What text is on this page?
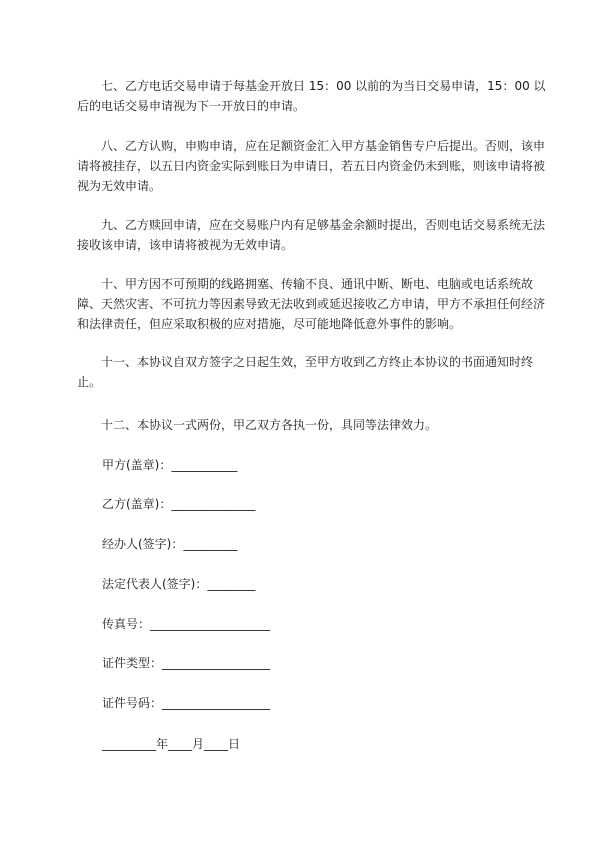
七、乙方电话交易申请于每基金开放日 15：00 以前的为当日交易申请，15：00 以后的电话交易申请视为下一开放日的申请。

八、乙方认购，申购申请，应在足额资金汇入甲方基金销售专户后提出。否则，该申请将被挂存，以五日内资金实际到账日为申请日，若五日内资金仍未到账，则该申请将被视为无效申请。

九、乙方赎回申请，应在交易账户内有足够基金余额时提出，否则电话交易系统无法接收该申请，该申请将被视为无效申请。

十、甲方因不可预期的线路拥塞、传输不良、通讯中断、断电、电脑或电话系统故障、天然灾害、不可抗力等因素导致无法收到或延迟接收乙方申请，甲方不承担任何经济和法律责任，但应采取积极的应对措施，尽可能地降低意外事件的影响。

十一、本协议自双方签字之日起生效，至甲方收到乙方终止本协议的书面通知时终止。

十二、本协议一式两份，甲乙双方各执一份，具同等法律效力。

甲方(盖章)：___________

乙方(盖章)：______________

经办人(签字)：_________

法定代表人(签字)：________

传真号：____________________

证件类型：__________________

证件号码：__________________

_________年____月____日
